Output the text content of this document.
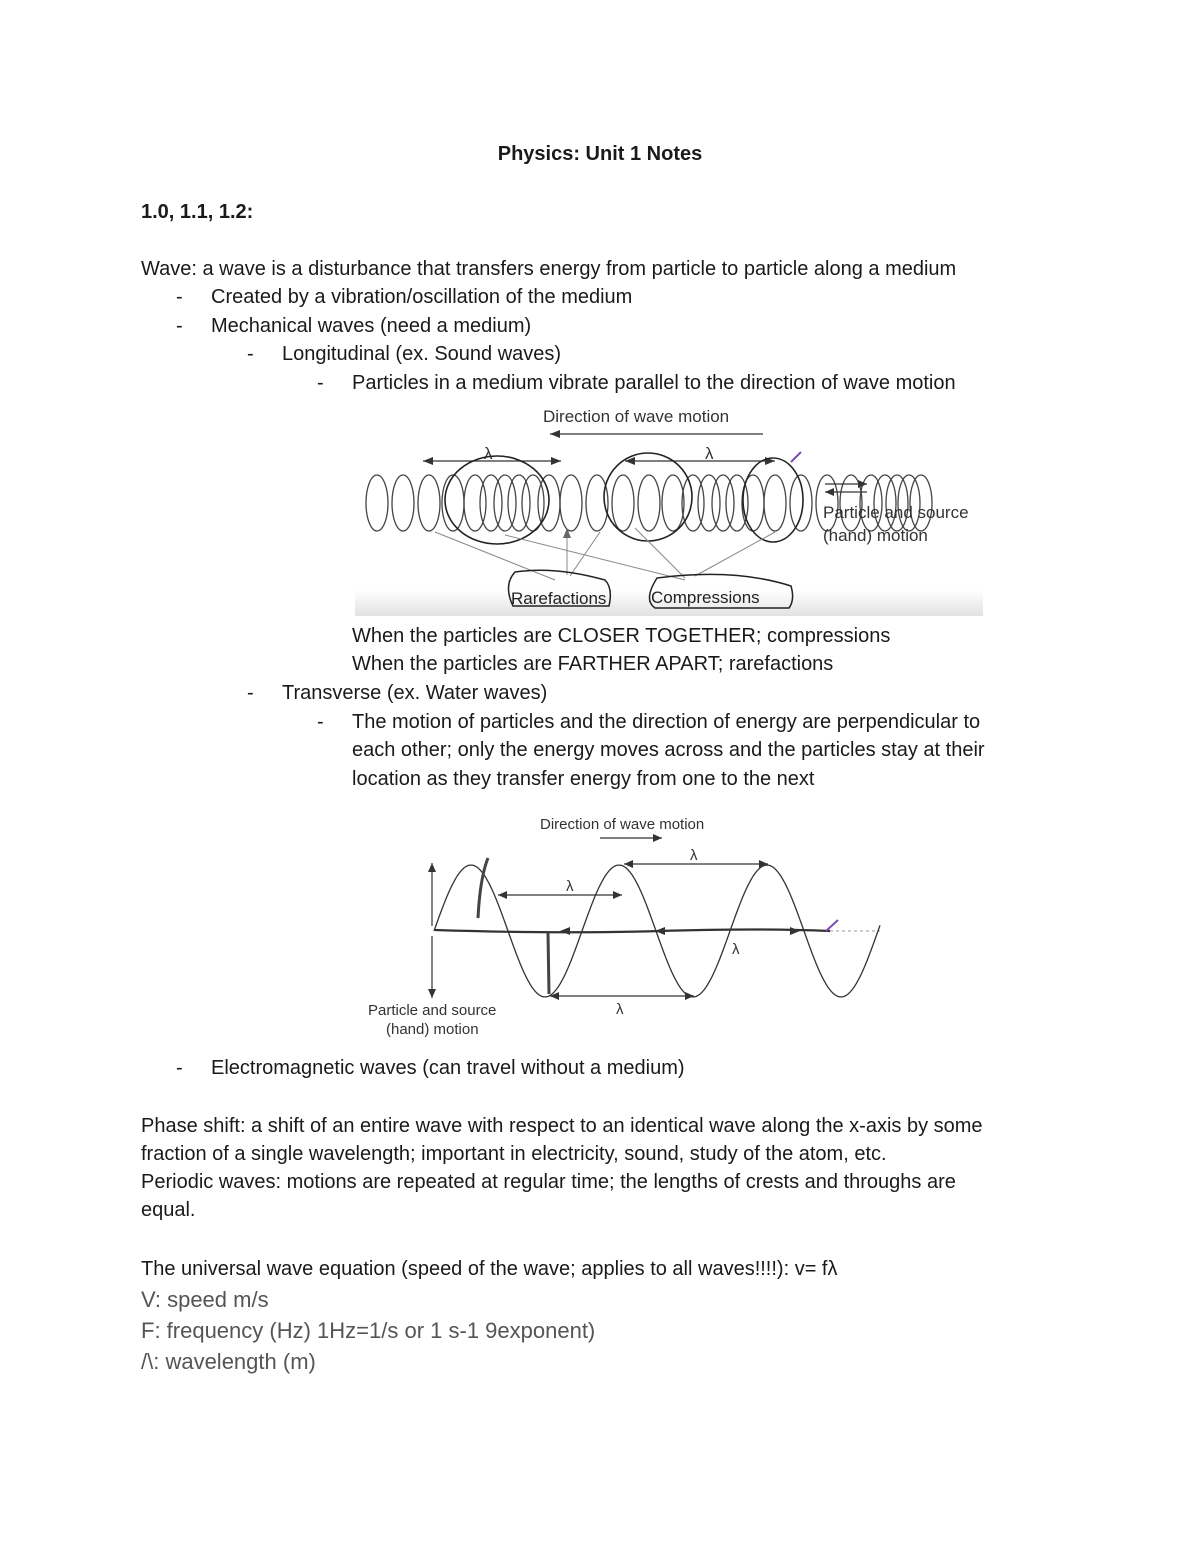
Physics: Unit 1 Notes
1.0, 1.1, 1.2:
Wave: a wave is a disturbance that transfers energy from particle to particle along a medium
- Created by a vibration/oscillation of the medium
- Mechanical waves (need a medium)
- Longitudinal (ex. Sound waves)
- Particles in a medium vibrate parallel to the direction of wave motion
Direction of wave motion
λ	λ
Particle and source
(hand) motion
Rarefactions	Compressions
When the particles are CLOSER TOGETHER; compressions
When the particles are FARTHER APART; rarefactions
- Transverse (ex. Water waves)
- The motion of particles and the direction of energy are perpendicular to
each other; only the energy moves across and the particles stay at their
location as they transfer energy from one to the next
Direction of wave motion
λ
λ
λ
λ
Particle and source
(hand) motion
- Electromagnetic waves (can travel without a medium)
Phase shift: a shift of an entire wave with respect to an identical wave along the x-axis by some
fraction of a single wavelength; important in electricity, sound, study of the atom, etc.
Periodic waves: motions are repeated at regular time; the lengths of crests and throughs are
equal.
The universal wave equation (speed of the wave; applies to all waves!!!!): v= fλ
V: speed m/s
F: frequency (Hz) 1Hz=1/s or 1 s-1 9exponent)
/\: wavelength (m)
